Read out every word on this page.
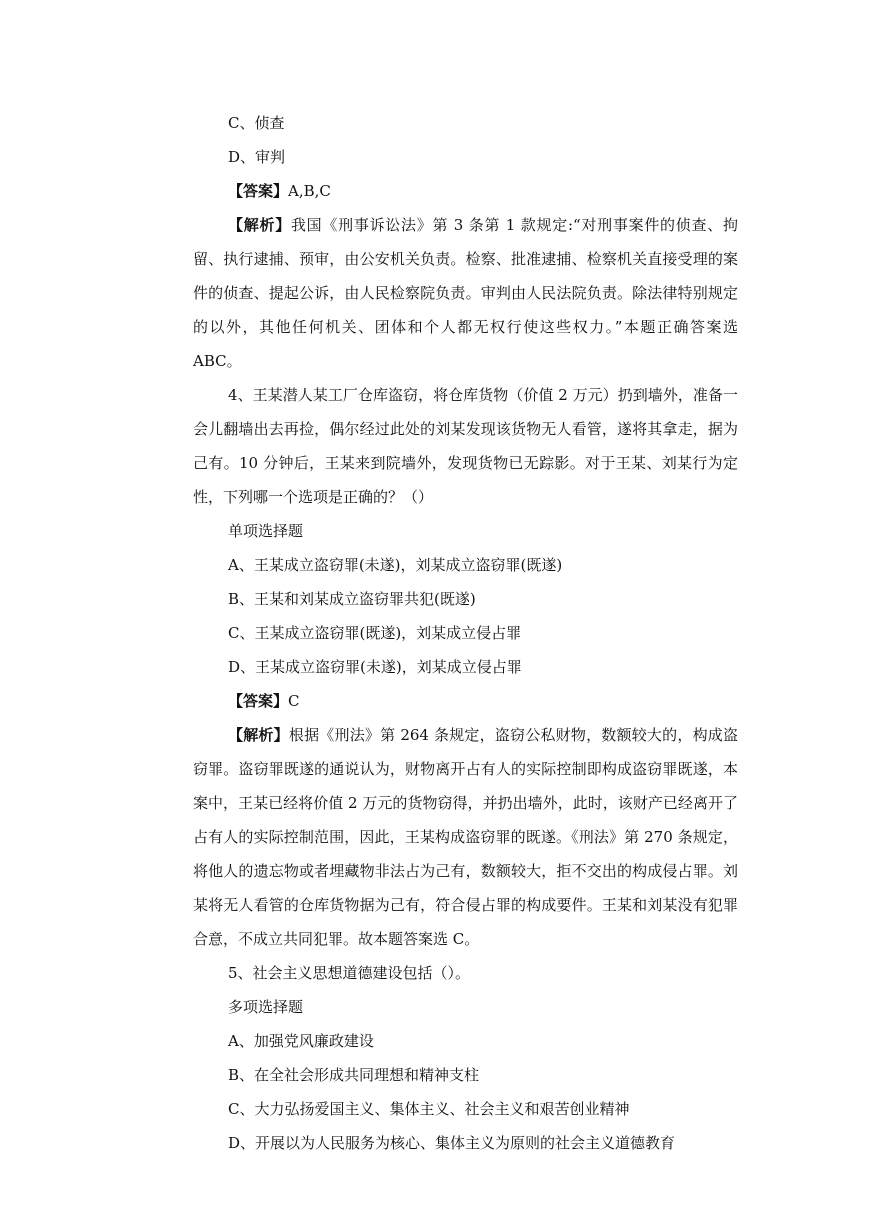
C、侦查
D、审判
【答案】A,B,C

【解析】我国《刑事诉讼法》第 3 条第 1 款规定:“对刑事案件的侦查、拘留、执行逮捕、预审，由公安机关负责。检察、批准逮捕、检察机关直接受理的案件的侦查、提起公诉，由人民检察院负责。审判由人民法院负责。除法律特别规定的以外，其他任何机关、团体和个人都无权行使这些权力。”本题正确答案选 ABC。

4、王某潜人某工厂仓库盗窃，将仓库货物（价值 2 万元）扔到墙外，准备一会儿翻墙出去再捡，偶尔经过此处的刘某发现该货物无人看管，遂将其拿走，据为己有。10 分钟后，王某来到院墙外，发现货物已无踪影。对于王某、刘某行为定性，下列哪一个选项是正确的？（）

单项选择题
A、王某成立盗窃罪(未遂)，刘某成立盗窃罪(既遂)
B、王某和刘某成立盗窃罪共犯(既遂)
C、王某成立盗窃罪(既遂)，刘某成立侵占罪
D、王某成立盗窃罪(未遂)，刘某成立侵占罪
【答案】C

【解析】根据《刑法》第 264 条规定，盗窃公私财物，数额较大的，构成盗窃罪。盗窃罪既遂的通说认为，财物离开占有人的实际控制即构成盗窃罪既遂，本案中，王某已经将价值 2 万元的货物窃得，并扔出墙外，此时，该财产已经离开了占有人的实际控制范围，因此，王某构成盗窃罪的既遂。《刑法》第 270 条规定，将他人的遗忘物或者埋藏物非法占为己有，数额较大，拒不交出的构成侵占罪。刘某将无人看管的仓库货物据为己有，符合侵占罪的构成要件。王某和刘某没有犯罪合意，不成立共同犯罪。故本题答案选 C。

5、社会主义思想道德建设包括（）。

多项选择题
A、加强党风廉政建设
B、在全社会形成共同理想和精神支柱
C、大力弘扬爱国主义、集体主义、社会主义和艰苦创业精神
D、开展以为人民服务为核心、集体主义为原则的社会主义道德教育
